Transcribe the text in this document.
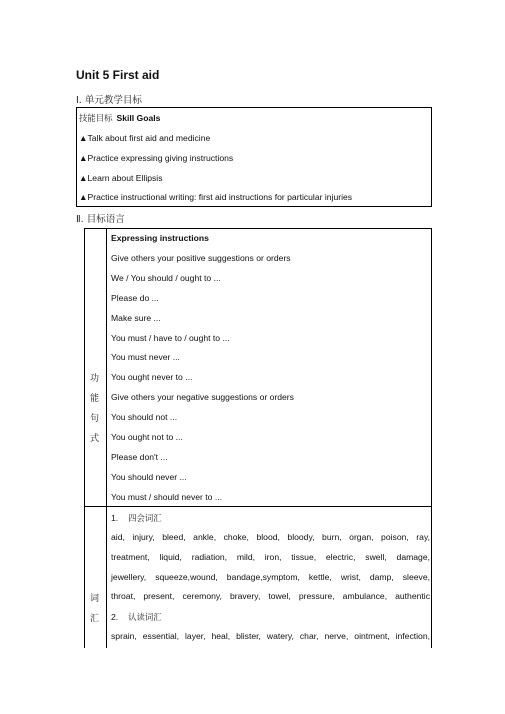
Unit 5 First aid
Ⅰ. 单元教学目标
技能目标 Skill Goals
▲Talk about first aid and medicine
▲Practice expressing giving instructions
▲Learn about Ellipsis
▲Practice instructional writing: first aid instructions for particular injuries
Ⅱ. 目标语言
功
能
句
式
Expressing instructions
Give others your positive suggestions or orders
We / You should / ought to ...
Please do ...
Make sure ...
You must / have to / ought to ...
You must never ...
You ought never to ...
Give others your negative suggestions or orders
You should not ...
You ought not to ...
Please don't ...
You should never ...
You must / should never to ...
词
汇
1. 四会词汇
aid, injury, bleed, ankle, choke, blood, bloody, burn, organ, poison, ray,
treatment, liquid, radiation, mild, iron, tissue, electric, swell, damage,
jewellery, squeeze,wound, bandage,symptom, kettle, wrist, damp, sleeve,
throat, present, ceremony, bravery, towel, pressure, ambulance, authentic
2. 认读词汇
sprain, essential, layer, heal, blister, watery, char, nerve, ointment, infection,
